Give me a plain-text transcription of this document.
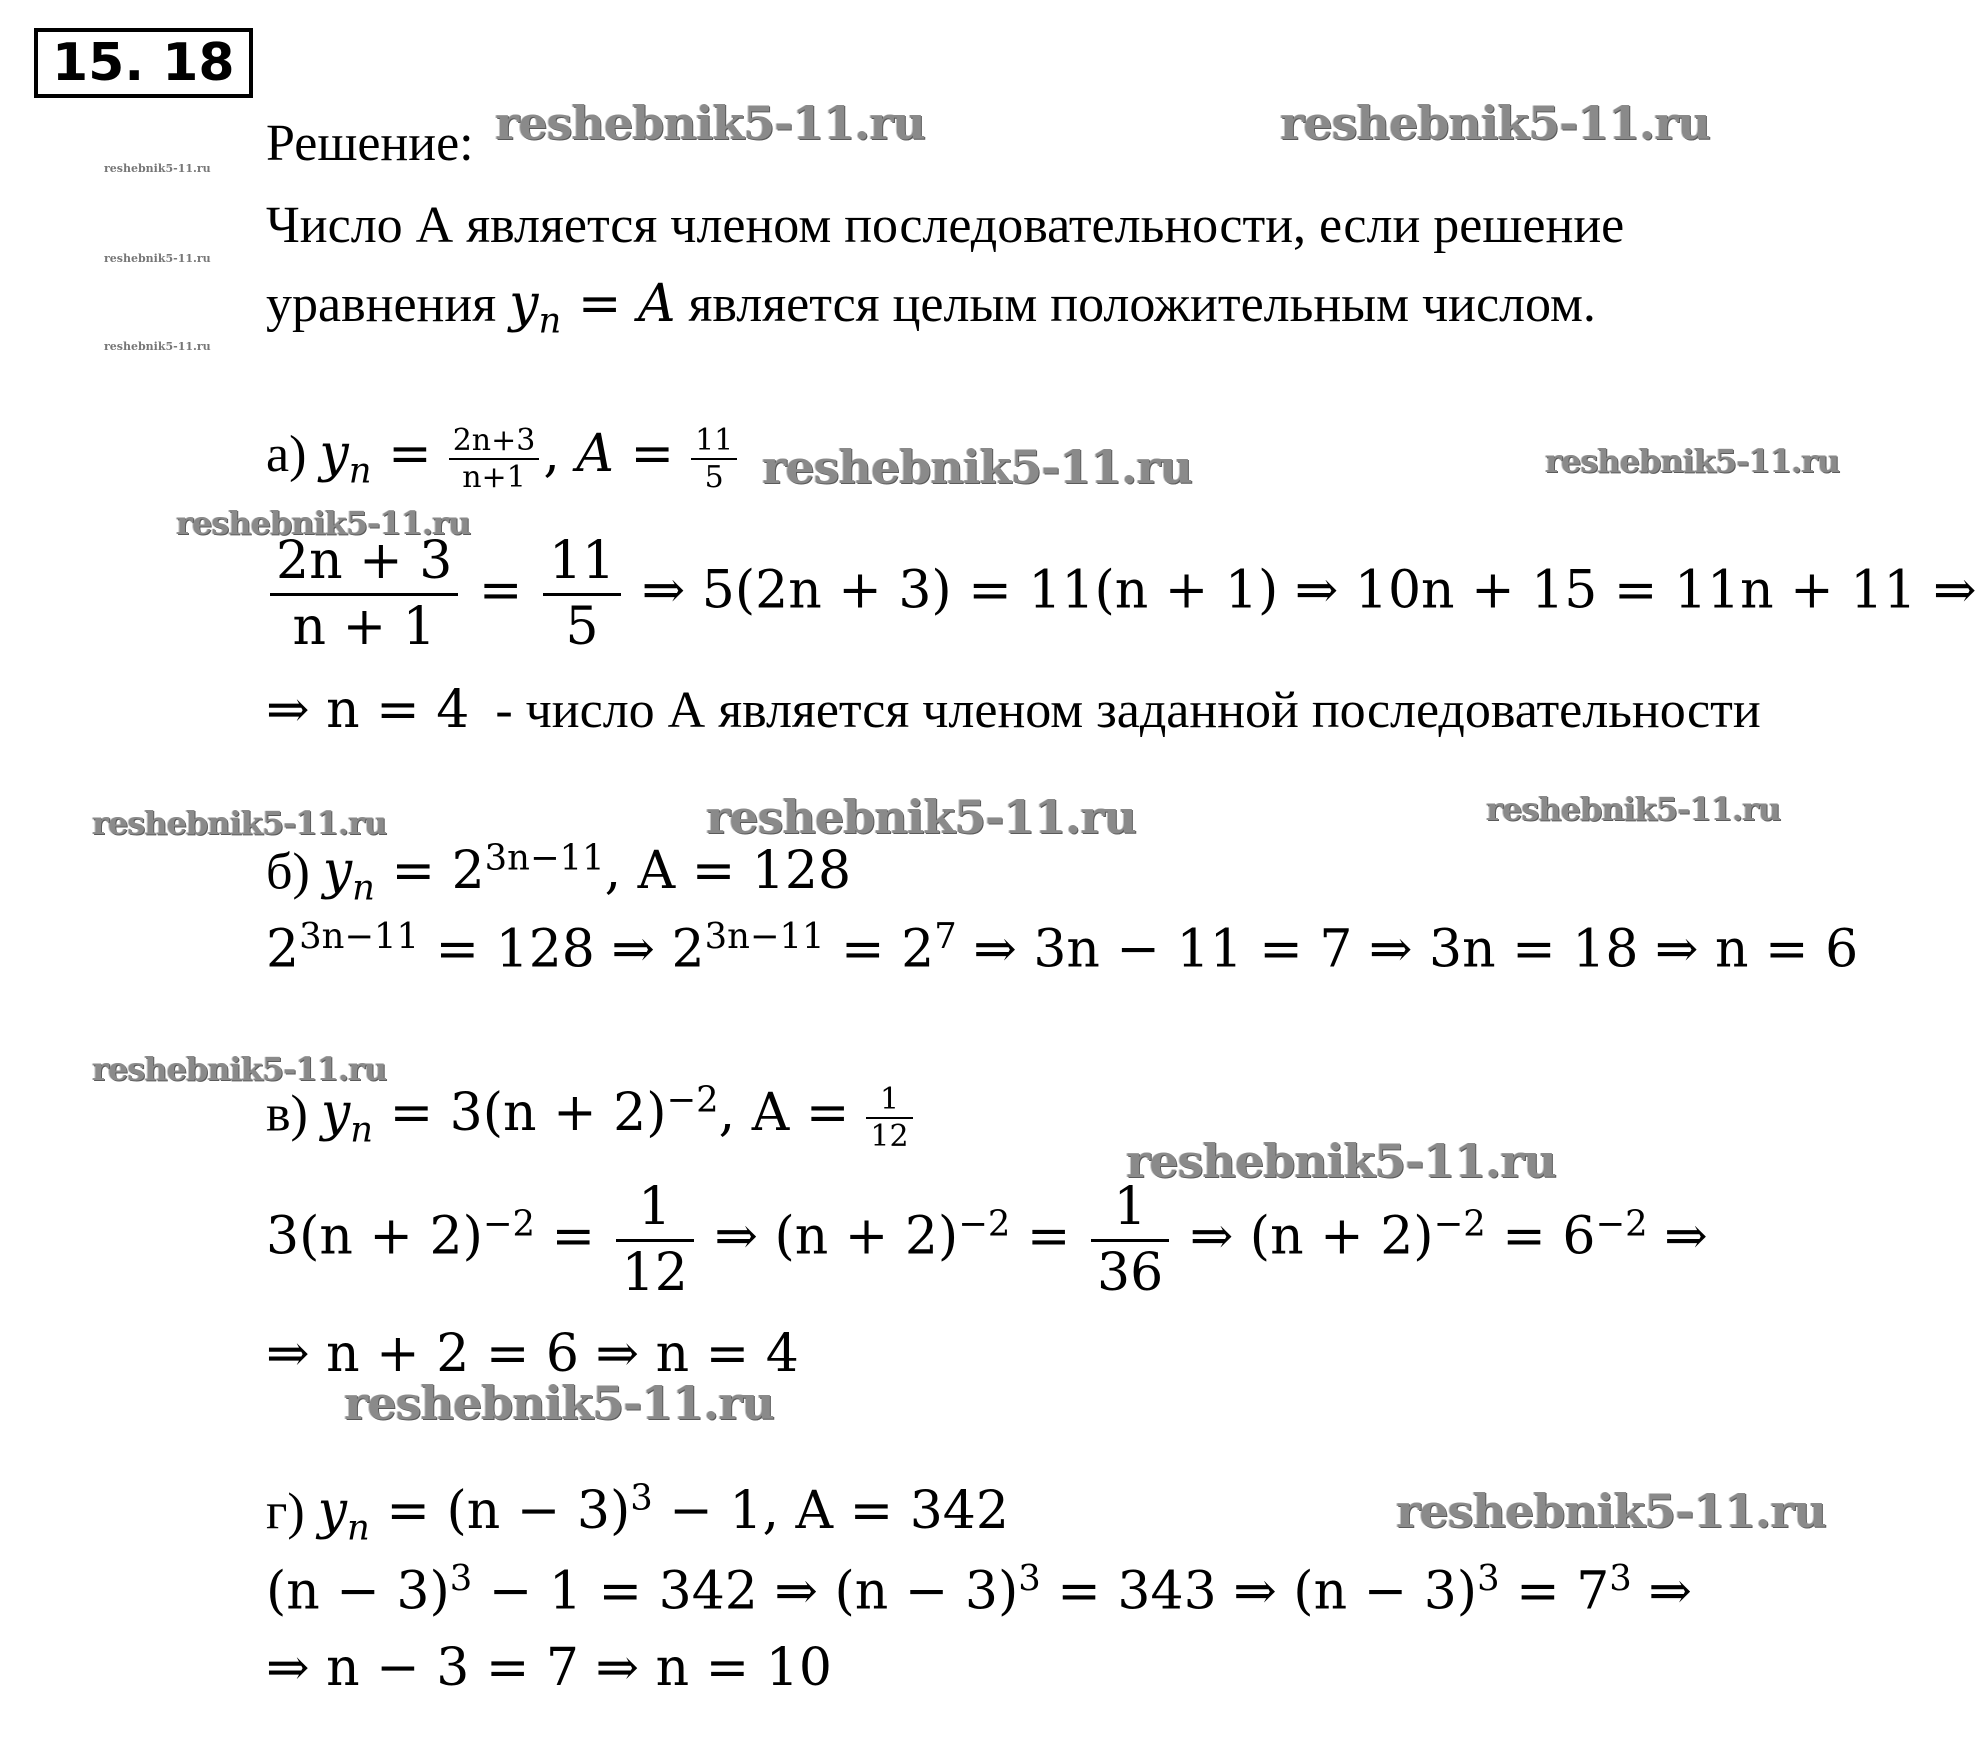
15. 18
reshebnik5-11.ru	reshebnik5-11.ru
reshebnik5-11.ru
reshebnik5-11.ru
reshebnik5-11.ru
reshebnik5-11.ru	reshebnik5-11.ru
reshebnik5-11.ru
reshebnik5-11.ru	reshebnik5-11.ru	reshebnik5-11.ru
reshebnik5-11.ru
reshebnik5-11.ru
reshebnik5-11.ru
reshebnik5-11.ru
Решение:
Число А является членом последовательности, если решение
уравнения $y_n = A$ является целым положительным числом.
а) $y_n = \frac{2n+3}{n+1}$ , $A = \frac{11}{5}$
$\frac{2n + 3}{n + 1} = \frac{11}{5}$ ⇒ 5(2n + 3) = 11(n + 1) ⇒ 10n + 15 = 11n + 11 ⇒
⇒ n = 4 - число А является членом заданной последовательности
б) $y_n = 2^{3n-11}$, A = 128
$2^{3n-11} = 128$ ⇒ $2^{3n-11} = 2^7$ ⇒ 3n − 11 = 7 ⇒ 3n = 18 ⇒ n = 6
в) $y_n = 3(n + 2)^{-2}$, $A = \frac{1}{12}$
$3(n + 2)^{-2} = \frac{1}{12}$ ⇒ $(n + 2)^{-2} = \frac{1}{36}$ ⇒ $(n + 2)^{-2} = 6^{-2}$ ⇒
⇒ n + 2 = 6 ⇒ n = 4
г) $y_n = (n - 3)^3 - 1$, A = 342
$(n - 3)^3 - 1 = 342$ ⇒ $(n - 3)^3 = 343$ ⇒ $(n - 3)^3 = 7^3$ ⇒
⇒ n − 3 = 7 ⇒ n = 10
